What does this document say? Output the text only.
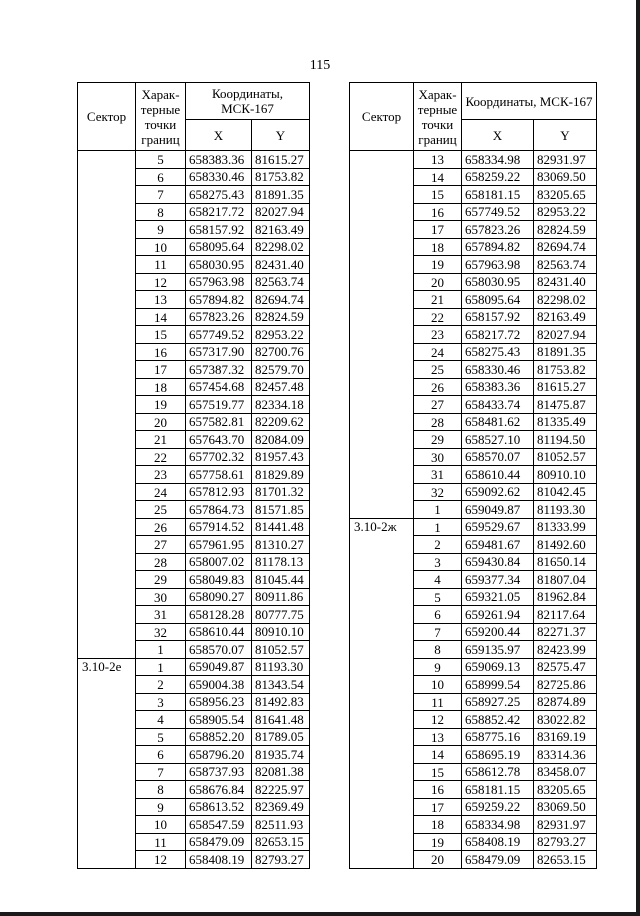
115
Сектор	Харак-терные точки границ	Координаты, МСК-167	
		X	Y
	5	658383.36	81615.27
	6	658330.46	81753.82
	7	658275.43	81891.35
	8	658217.72	82027.94
	9	658157.92	82163.49
	10	658095.64	82298.02
	11	658030.95	82431.40
	12	657963.98	82563.74
	13	657894.82	82694.74
	14	657823.26	82824.59
	15	657749.52	82953.22
	16	657317.90	82700.76
	17	657387.32	82579.70
	18	657454.68	82457.48
	19	657519.77	82334.18
	20	657582.81	82209.62
	21	657643.70	82084.09
	22	657702.32	81957.43
	23	657758.61	81829.89
	24	657812.93	81701.32
	25	657864.73	81571.85
	26	657914.52	81441.48
	27	657961.95	81310.27
	28	658007.02	81178.13
	29	658049.83	81045.44
	30	658090.27	80911.86
	31	658128.28	80777.75
	32	658610.44	80910.10
	1	658570.07	81052.57
3.10-2е	1	659049.87	81193.30
	2	659004.38	81343.54
	3	658956.23	81492.83
	4	658905.54	81641.48
	5	658852.20	81789.05
	6	658796.20	81935.74
	7	658737.93	82081.38
	8	658676.84	82225.97
	9	658613.52	82369.49
	10	658547.59	82511.93
	11	658479.09	82653.15
	12	658408.19	82793.27
Сектор	Харак-терные точки границ	Координаты, МСК-167	
		X	Y
	13	658334.98	82931.97
	14	658259.22	83069.50
	15	658181.15	83205.65
	16	657749.52	82953.22
	17	657823.26	82824.59
	18	657894.82	82694.74
	19	657963.98	82563.74
	20	658030.95	82431.40
	21	658095.64	82298.02
	22	658157.92	82163.49
	23	658217.72	82027.94
	24	658275.43	81891.35
	25	658330.46	81753.82
	26	658383.36	81615.27
	27	658433.74	81475.87
	28	658481.62	81335.49
	29	658527.10	81194.50
	30	658570.07	81052.57
	31	658610.44	80910.10
	32	659092.62	81042.45
	1	659049.87	81193.30
3.10-2ж	1	659529.67	81333.99
	2	659481.67	81492.60
	3	659430.84	81650.14
	4	659377.34	81807.04
	5	659321.05	81962.84
	6	659261.94	82117.64
	7	659200.44	82271.37
	8	659135.97	82423.99
	9	659069.13	82575.47
	10	658999.54	82725.86
	11	658927.25	82874.89
	12	658852.42	83022.82
	13	658775.16	83169.19
	14	658695.19	83314.36
	15	658612.78	83458.07
	16	658181.15	83205.65
	17	659259.22	83069.50
	18	658334.98	82931.97
	19	658408.19	82793.27
	20	658479.09	82653.15
